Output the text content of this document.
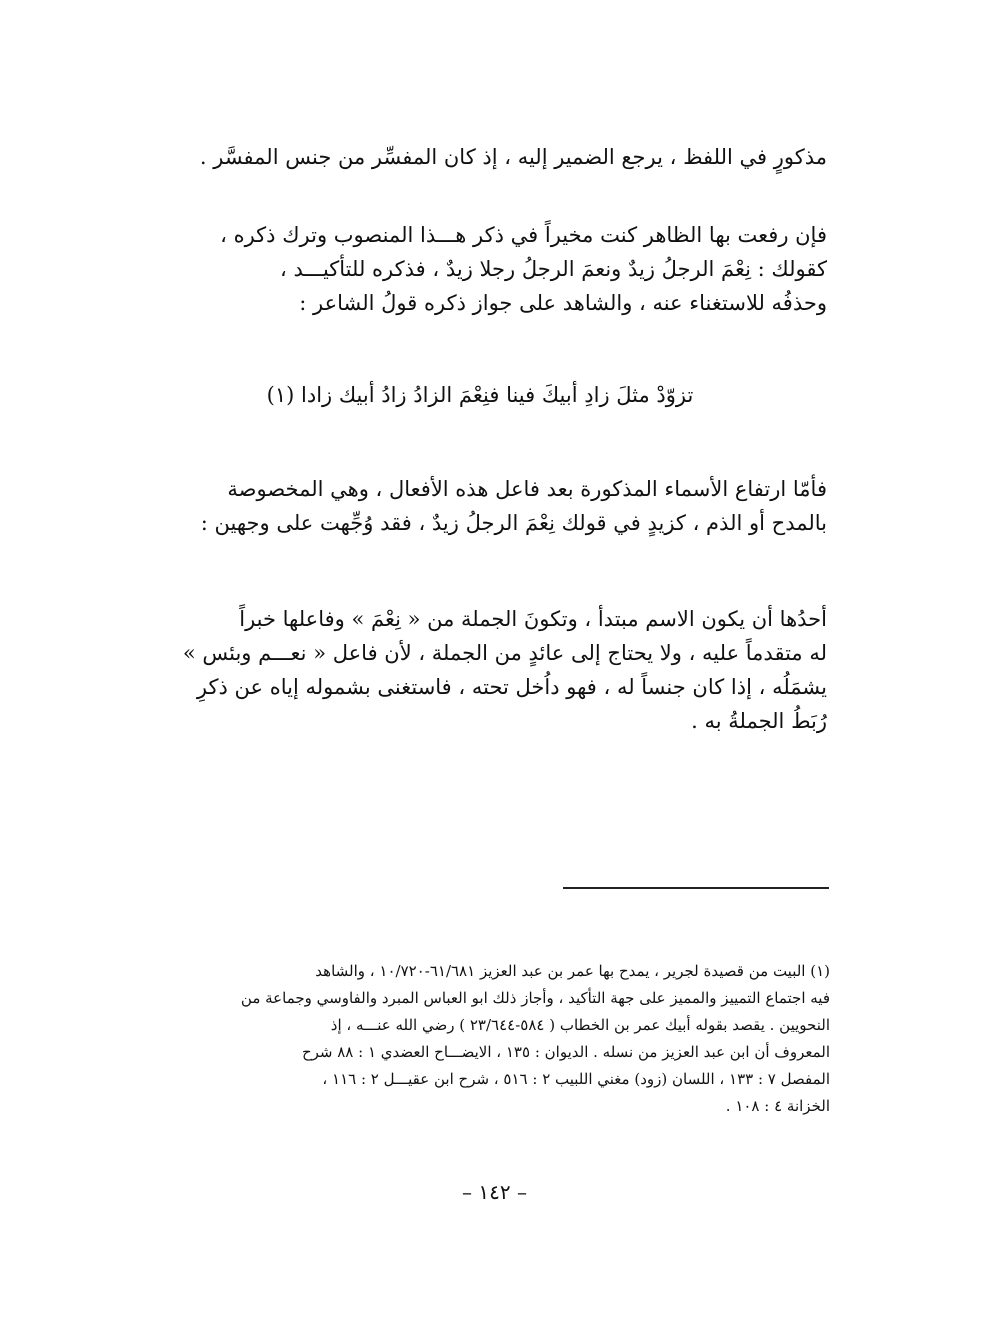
مذكورٍ في اللفظ ، يرجع الضمير إليه ، إذ كان المفسِّر من جنس المفسَّر .
فإن رفعت بها الظاهر كنت مخيراً في ذكر هـــذا المنصوب وترك ذكره ،
كقولك : نِعْمَ الرجلُ زيدٌ ونعمَ الرجلُ رجلا زيدٌ ، فذكره للتأكيـــد ،
وحذفُه للاستغناء عنه ، والشاهد على جواز ذكره قولُ الشاعر :
تزوّدْ مثلَ زادِ أبيكَ فينا فنِعْمَ الزادُ زادُ أبيك زادا (١)
فأمّا ارتفاع الأسماء المذكورة بعد فاعل هذه الأفعال ، وهي المخصوصة
بالمدح أو الذم ، كزيدٍ في قولك نِعْمَ الرجلُ زيدٌ ، فقد وُجِّهت على وجهين :
أحدُها أن يكون الاسم مبتدأ ، وتكونَ الجملة من « نِعْمَ » وفاعلها خبراً
له متقدماً عليه ، ولا يحتاج إلى عائدٍ من الجملة ، لأن فاعل « نعـــم وبئس »
يشمَلُه ، إذا كان جنساً له ، فهو داُخل تحته ، فاستغنى بشموله إياه عن ذكرِ
رُبَطُ الجملةُ به .
(١) البيت من قصيدة لجرير ، يمدح بها عمر بن عبد العزيز ٦١/٦٨١-١٠/٧٢٠ ، والشاهد
فيه اجتماع التمييز والمميز على جهة التأكيد ، وأجاز ذلك ابو العباس المبرد والفاوسي وجماعة من
النحويين . يقصد بقوله أبيك عمر بن الخطاب ( ٥٨٤-٢٣/٦٤٤ ) رضي الله عنـــه ، إذ
المعروف أن ابن عبد العزيز من نسله . الديوان : ١٣٥ ، الايضـــاح العضدي ١ : ٨٨ شرح
المفصل ٧ : ١٣٣ ، اللسان (زود) مغني اللبيب ٢ : ٥١٦ ، شرح ابن عقيـــل ٢ : ١١٦ ،
الخزانة ٤ : ١٠٨ .
– ١٤٢ –
